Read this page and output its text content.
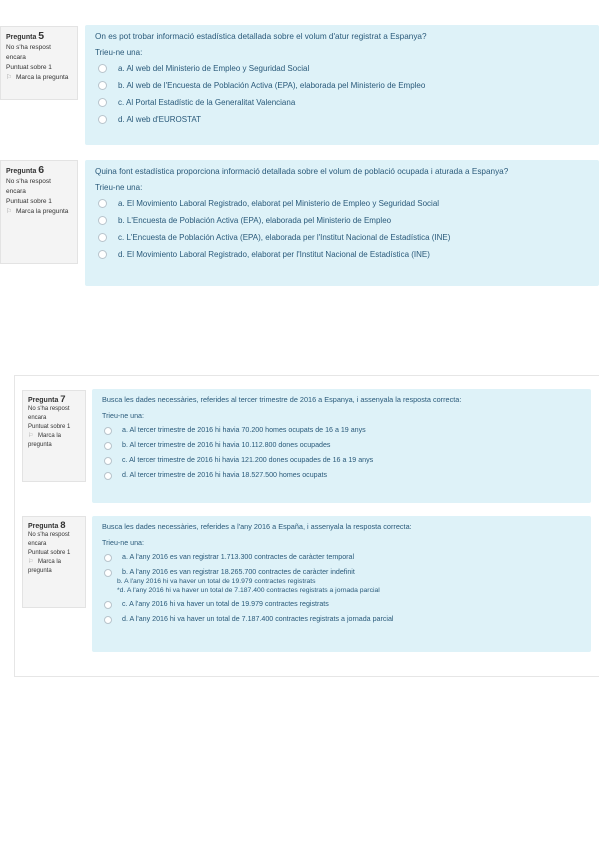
Pregunta 5
No s'ha respost encara
Puntuat sobre 1
⚐ Marca la pregunta
On es pot trobar informació estadística detallada sobre el volum d'atur registrat a Espanya?
Trieu-ne una:
a. Al web del Ministerio de Empleo y Seguridad Social
b. Al web de l'Encuesta de Población Activa (EPA), elaborada pel Ministerio de Empleo
c. Al Portal Estadístic de la Generalitat Valenciana
d. Al web d'EUROSTAT
Pregunta 6
No s'ha respost encara
Puntuat sobre 1
⚐ Marca la pregunta
Quina font estadística proporciona informació detallada sobre el volum de població ocupada i aturada a Espanya?
Trieu-ne una:
a. El Movimiento Laboral Registrado, elaborat pel Ministerio de Empleo y Seguridad Social
b. L'Encuesta de Población Activa (EPA), elaborada pel Ministerio de Empleo
c. L'Encuesta de Población Activa (EPA), elaborada per l'Institut Nacional de Estadística (INE)
d. El Movimiento Laboral Registrado, elaborat per l'Institut Nacional de Estadística (INE)
Pregunta 7
No s'ha respost encara
Puntuat sobre 1
⚐ Marca la pregunta
Busca les dades necessàries, referides al tercer trimestre de 2016 a Espanya, i assenyala la resposta correcta:
Trieu-ne una:
a. Al tercer trimestre de 2016 hi havia 70.200 homes ocupats de 16 a 19 anys
b. Al tercer trimestre de 2016 hi havia 10.112.800 dones ocupades
c. Al tercer trimestre de 2016 hi havia 121.200 dones ocupades de 16 a 19 anys
d. Al tercer trimestre de 2016 hi havia 18.527.500 homes ocupats
Pregunta 8
No s'ha respost encara
Puntuat sobre 1
⚐ Marca la pregunta
Busca les dades necessàries, referides a l'any 2016 a España, i assenyala la resposta correcta:
Trieu-ne una:
a. A l'any 2016 es van registrar 1.713.300 contractes de caràcter temporal
b. A l'any 2016 es van registrar 18.265.700 contractes de caràcter indefinit
b. A l'any 2016 hi va haver un total de 19.979 contractes registrats
*d. A l'any 2016 hi va haver un total de 7.187.400 contractes registrats a jornada parcial
c. A l'any 2016 hi va haver un total de 19.979 contractes registrats
d. A l'any 2016 hi va haver un total de 7.187.400 contractes registrats a jornada parcial
